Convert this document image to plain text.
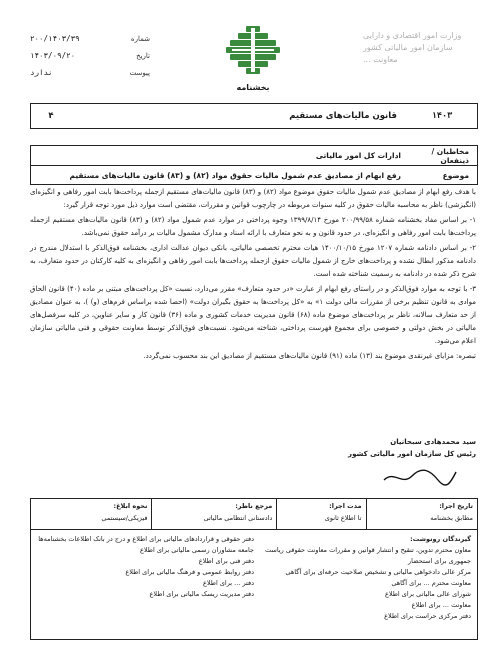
شماره
۲۰۰/۱۴۰۳/۳۹
تاریخ
۱۴۰۳/۰۹/۲۰
پیوست
ندارد
بخشنامه
وزارت امور اقتصادی و دارایی
سازمان امور مالیاتی کشور
معاونت ...
۱۴۰۳
قانون مالیات‌های مستقیم
۴
مخاطبان / ذینفعان
ادارات کل امور مالیاتی
موضوع
رفع ابهام از مصادیق عدم شمول مالیات حقوق مواد (۸۲) و (۸۳) قانون مالیات‌های مستقیم

با هدف رفع ابهام از مصادیق عدم شمول مالیات حقوق موضوع مواد (۸۲) و (۸۳) قانون مالیات‌های مستقیم ازجمله پرداخت‌ها بابت امور رفاهی و انگیزه‌ای (انگیزشی) ناظر به محاسبه مالیات حقوق در کلیه سنوات مربوطه در چارچوب قوانین و مقررات، مقتضی است موارد ذیل مورد توجه قرار گیرد:

۱- بر اساس مفاد بخشنامه شماره ۲۰۰/۹۹/۵۸ مورخ ۱۳۹۹/۸/۱۴ وجوه پرداختی در موارد عدم شمول مواد (۸۲) و (۸۳) قانون مالیات‌های مستقیم ازجمله پرداخت‌ها بابت امور رفاهی و انگیزه‌ای، در حدود قانون و به نحو متعارف با ارائه اسناد و مدارک مشمول مالیات بر درآمد حقوق نمی‌باشد.

۲- بر اساس دادنامه شماره ۱۲۰۷ مورخ ۱۴۰۰/۱۰/۱۵ هیات محترم تخصصی مالیاتی، بانکی دیوان عدالت اداری، بخشنامه فوق‌الذکر با استدلال مندرج در دادنامه مذکور ابطال نشده و پرداخت‌های خارج از شمول مالیات حقوق ازجمله پرداخت‌ها بابت امور رفاهی و انگیزه‌ای به کلیه کارکنان در حدود متعارف، به شرح ذکر شده در دادنامه به رسمیت شناخته شده است.

۳- با توجه به موارد فوق‌الذکر و در راستای رفع ابهام از عبارت «در حدود متعارف» مقرر می‌دارد، نسبت «کل پرداخت‌های مبتنی بر ماده (۴۰) قانون الحاق موادی به قانون تنظیم برخی از مقررات مالی دولت ۱» به «کل پرداخت‌ها به حقوق بگیران دولت» (احصا شده براساس فرم‌های (و) )، به عنوان مصادیق از حد متعارف سالانه، ناظر بر پرداخت‌های موضوع ماده (۶۸) قانون مدیریت خدمات کشوری و ماده (۳۶) قانون کار و سایر عناوین، در کلیه سر‌فصل‌های مالیاتی در بخش دولتی و خصوصی برای مجموع فهرست پرداختی، شناخته می‌شود. نسبت‌های فوق‌الذکر توسط معاونت حقوقی و فنی مالیاتی سازمان اعلام می‌شود.

تبصره: مزایای غیرنقدی موضوع بند (۱۳) ماده (۹۱) قانون مالیات‌های مستقیم از مصادیق این بند محسوب نمی‌گردد.

سید محمدهادی سبحانیان
رئیس کل سازمان امور مالیاتی کشور
تاریخ اجرا:
مطابق بخشنامه
مدت اجرا:
تا اطلاع ثانوی
مرجع ناظر:
دادستانی انتظامی مالیاتی
نحوه ابلاغ:
فیزیکی/سیستمی
گیرندگان رونوشت:
معاون محترم تدوین، تنقیح و انتشار قوانین و مقررات معاونت حقوقی ریاست جمهوری برای استحضار
مرکز عالی دادخواهی مالیاتی و تشخیص صلاحیت حرفه‌ای برای آگاهی
معاونت محترم ... برای آگاهی
شورای عالی مالیاتی برای اطلاع
معاونت ... برای اطلاع
دفتر مرکزی حراست برای اطلاع
دفتر حقوقی و قراردادهای مالیاتی برای اطلاع و درج در بانک اطلاعات بخشنامه‌ها
جامعه مشاوران رسمی مالیاتی برای اطلاع
دفتر فنی برای اطلاع
دفتر روابط عمومی و فرهنگ مالیاتی برای اطلاع
دفتر ... برای اطلاع
دفتر مدیریت ریسک مالیاتی برای اطلاع
